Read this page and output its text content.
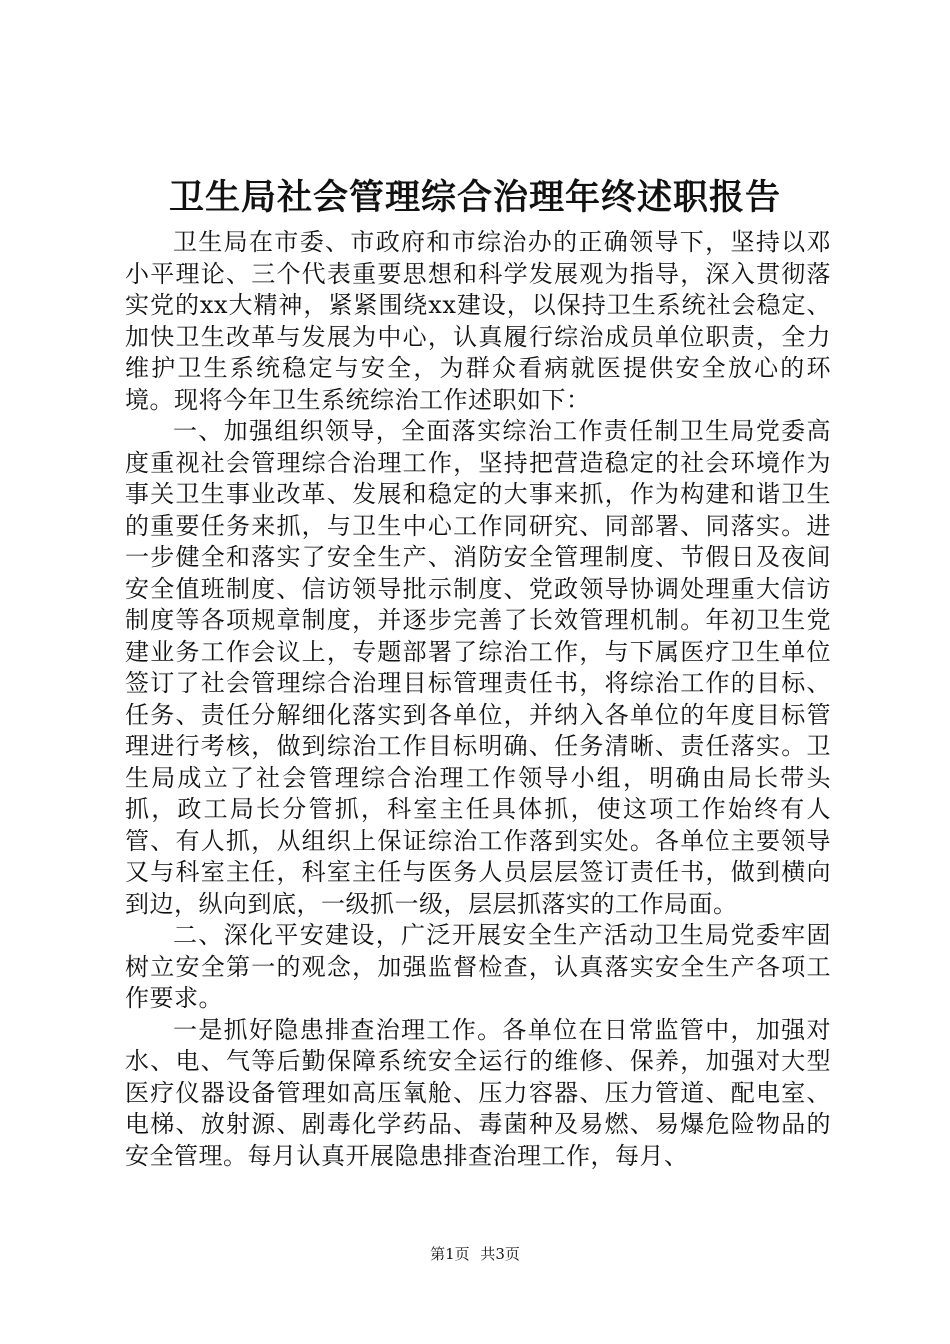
卫生局社会管理综合治理年终述职报告

卫生局在市委、市政府和市综治办的正确领导下，坚持以邓小平理论、三个代表重要思想和科学发展观为指导，深入贯彻落实党的xx大精神，紧紧围绕xx建设，以保持卫生系统社会稳定、加快卫生改革与发展为中心，认真履行综治成员单位职责，全力维护卫生系统稳定与安全，为群众看病就医提供安全放心的环境。现将今年卫生系统综治工作述职如下：

一、加强组织领导，全面落实综治工作责任制卫生局党委高度重视社会管理综合治理工作，坚持把营造稳定的社会环境作为事关卫生事业改革、发展和稳定的大事来抓，作为构建和谐卫生的重要任务来抓，与卫生中心工作同研究、同部署、同落实。进一步健全和落实了安全生产、消防安全管理制度、节假日及夜间安全值班制度、信访领导批示制度、党政领导协调处理重大信访制度等各项规章制度，并逐步完善了长效管理机制。年初卫生党建业务工作会议上，专题部署了综治工作，与下属医疗卫生单位签订了社会管理综合治理目标管理责任书，将综治工作的目标、任务、责任分解细化落实到各单位，并纳入各单位的年度目标管理进行考核，做到综治工作目标明确、任务清晰、责任落实。卫生局成立了社会管理综合治理工作领导小组，明确由局长带头抓，政工局长分管抓，科室主任具体抓，使这项工作始终有人管、有人抓，从组织上保证综治工作落到实处。各单位主要领导又与科室主任，科室主任与医务人员层层签订责任书，做到横向到边，纵向到底，一级抓一级，层层抓落实的工作局面。

二、深化平安建设，广泛开展安全生产活动卫生局党委牢固树立安全第一的观念，加强监督检查，认真落实安全生产各项工作要求。

一是抓好隐患排查治理工作。各单位在日常监管中，加强对水、电、气等后勤保障系统安全运行的维修、保养，加强对大型医疗仪器设备管理如高压氧舱、压力容器、压力管道、配电室、电梯、放射源、剧毒化学药品、毒菌种及易燃、易爆危险物品的安全管理。每月认真开展隐患排查治理工作，每月、

第1页 共3页
